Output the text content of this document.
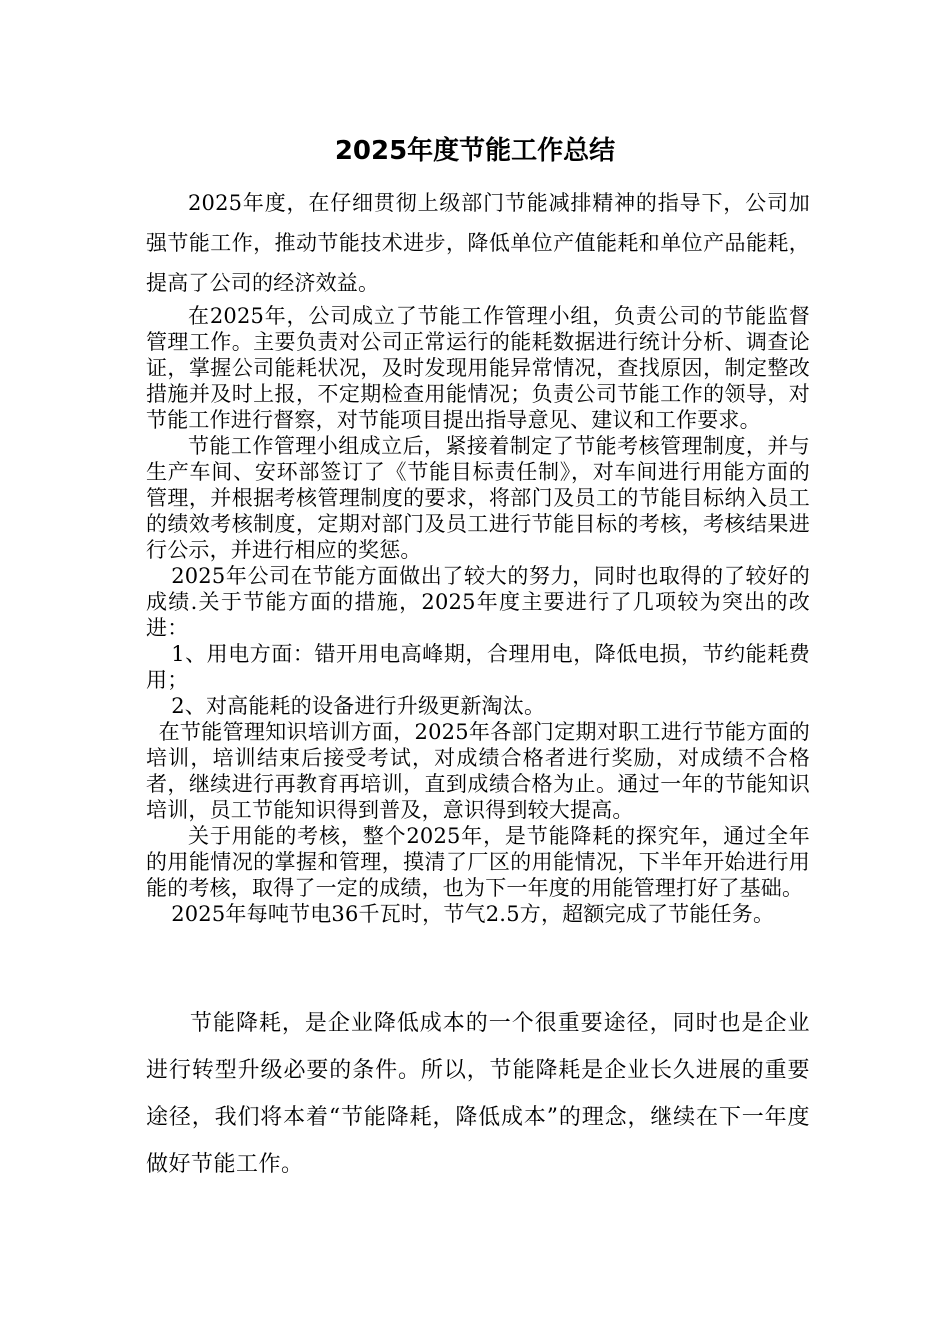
2025年度节能工作总结

2025年度，在仔细贯彻上级部门节能减排精神的指导下，公司加强节能工作，推动节能技术进步，降低单位产值能耗和单位产品能耗，提高了公司的经济效益。

在2025年，公司成立了节能工作管理小组，负责公司的节能监督管理工作。主要负责对公司正常运行的能耗数据进行统计分析、调查论证，掌握公司能耗状况，及时发现用能异常情况，查找原因，制定整改措施并及时上报，不定期检查用能情况；负责公司节能工作的领导，对节能工作进行督察，对节能项目提出指导意见、建议和工作要求。

节能工作管理小组成立后，紧接着制定了节能考核管理制度，并与生产车间、安环部签订了《节能目标责任制》，对车间进行用能方面的管理，并根据考核管理制度的要求，将部门及员工的节能目标纳入员工的绩效考核制度，定期对部门及员工进行节能目标的考核，考核结果进行公示，并进行相应的奖惩。

2025年公司在节能方面做出了较大的努力，同时也取得的了较好的成绩.关于节能方面的措施，2025年度主要进行了几项较为突出的改进：

1、用电方面：错开用电高峰期，合理用电，降低电损，节约能耗费用；

2、对高能耗的设备进行升级更新淘汰。

在节能管理知识培训方面，2025年各部门定期对职工进行节能方面的培训，培训结束后接受考试，对成绩合格者进行奖励，对成绩不合格者，继续进行再教育再培训，直到成绩合格为止。通过一年的节能知识培训，员工节能知识得到普及，意识得到较大提高。

关于用能的考核，整个2025年，是节能降耗的探究年，通过全年的用能情况的掌握和管理，摸清了厂区的用能情况，下半年开始进行用能的考核，取得了一定的成绩，也为下一年度的用能管理打好了基础。

2025年每吨节电36千瓦时，节气2.5方，超额完成了节能任务。

节能降耗，是企业降低成本的一个很重要途径，同时也是企业进行转型升级必要的条件。所以，节能降耗是企业长久进展的重要途径，我们将本着“节能降耗，降低成本”的理念，继续在下一年度做好节能工作。
